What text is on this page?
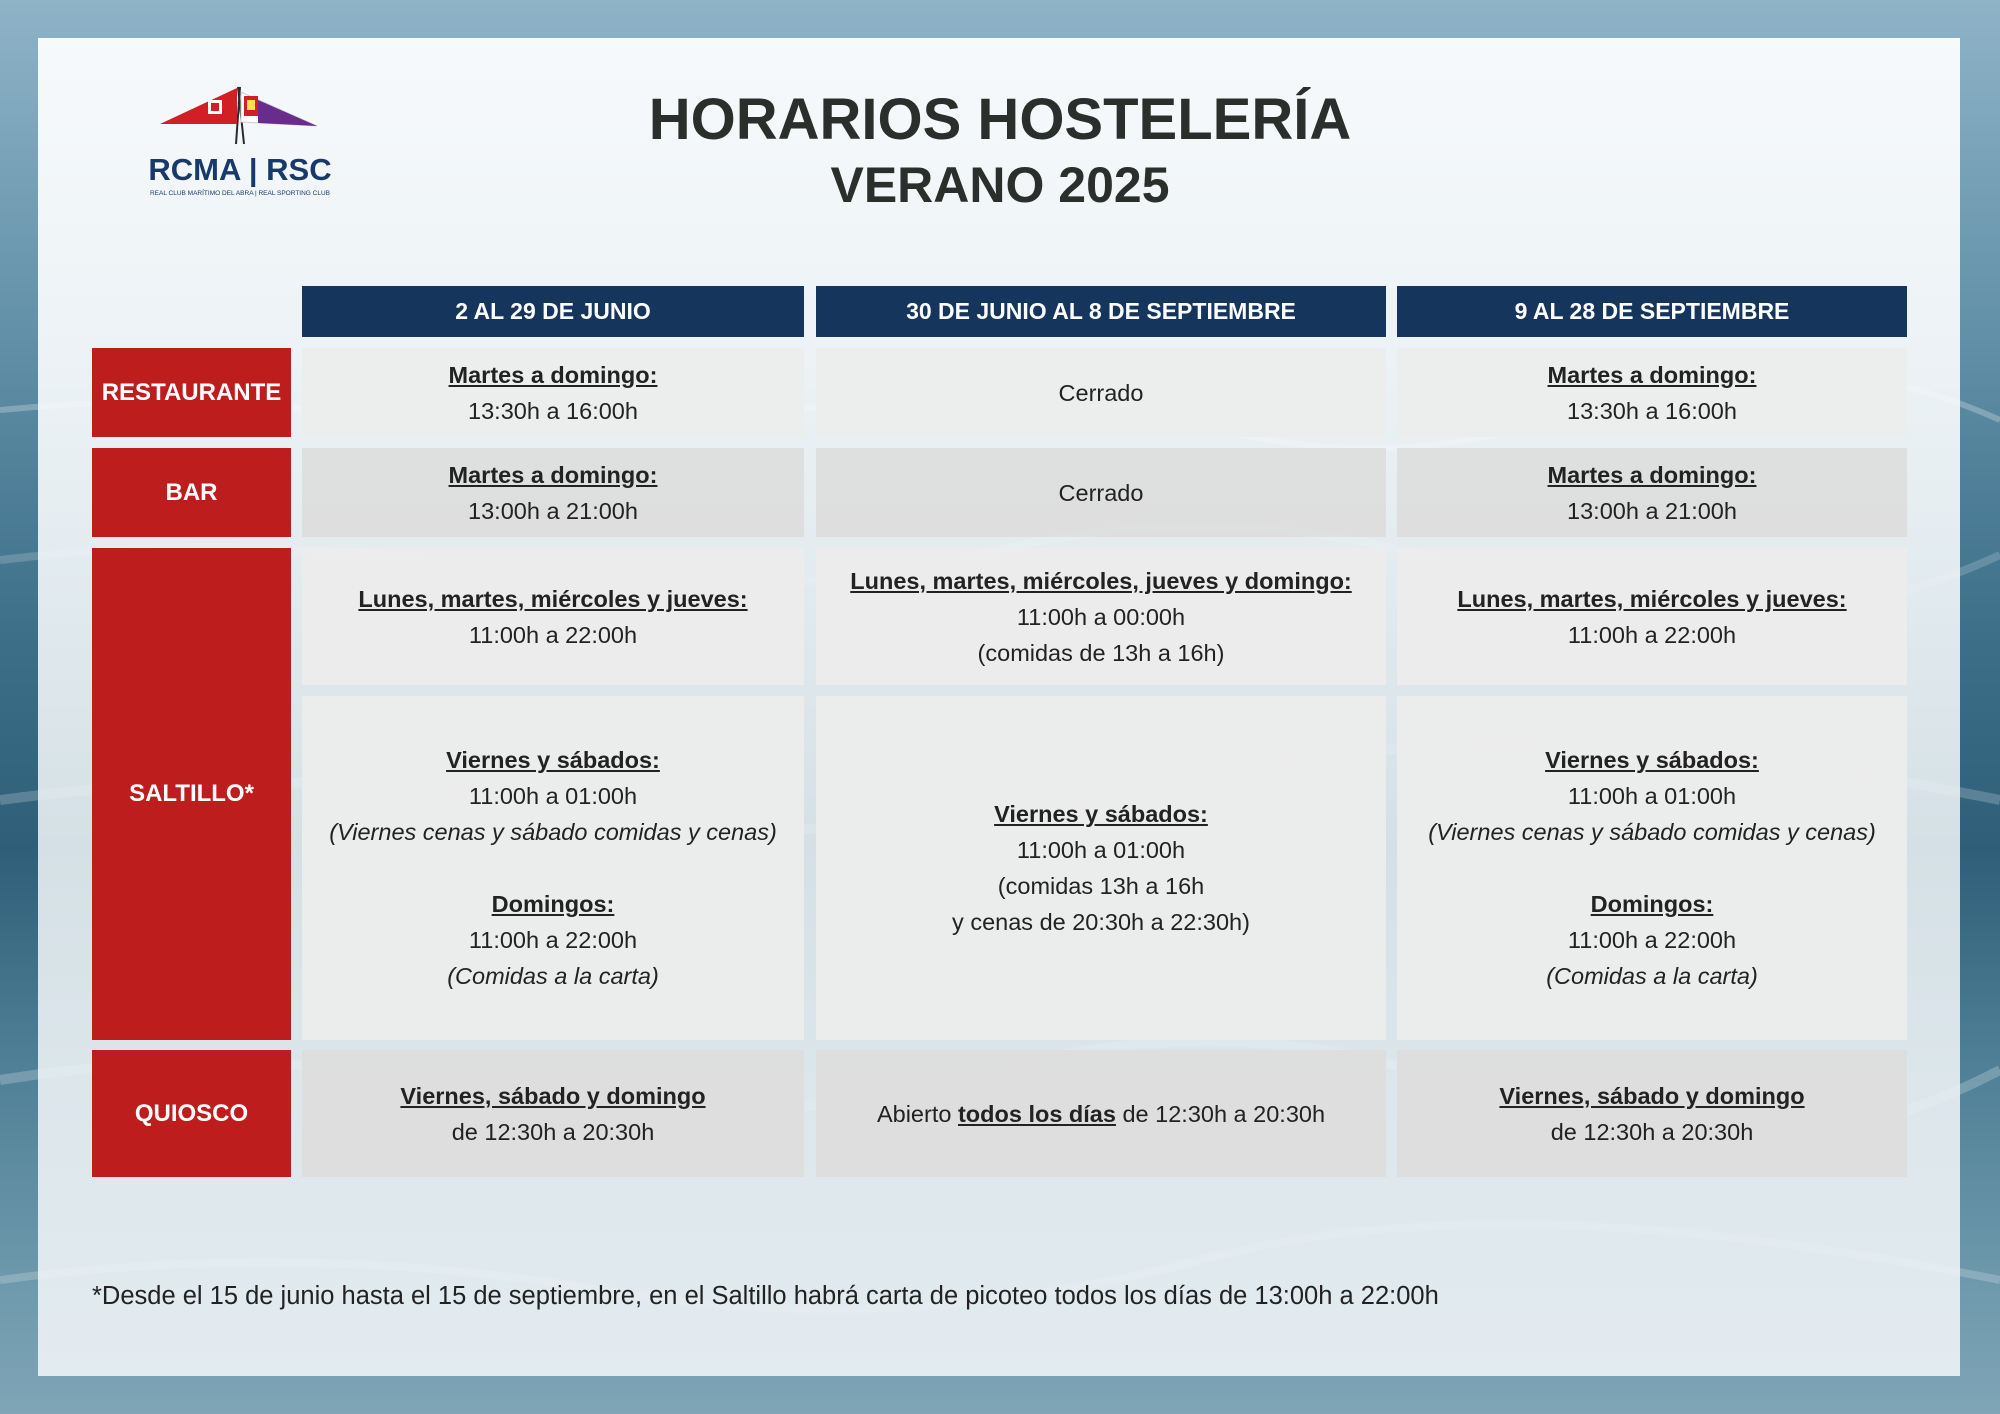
RCMA | RSC
REAL CLUB MARÍTIMO DEL ABRA | REAL SPORTING CLUB
HORARIOS HOSTELERÍA
VERANO 2025
2 AL 29 DE JUNIO	30 DE JUNIO AL 8 DE SEPTIEMBRE	9 AL 28 DE SEPTIEMBRE
RESTAURANTE
BAR
SALTILLO*
QUIOSCO
Martes a domingo:
13:30h a 16:00h
Cerrado
Martes a domingo:
13:30h a 16:00h
Martes a domingo:
13:00h a 21:00h
Cerrado
Martes a domingo:
13:00h a 21:00h
Lunes, martes, miércoles y jueves:
11:00h a 22:00h
Lunes, martes, miércoles, jueves y domingo:
11:00h a 00:00h
(comidas de 13h a 16h)
Lunes, martes, miércoles y jueves:
11:00h a 22:00h
Viernes y sábados:
11:00h a 01:00h
(Viernes cenas y sábado comidas y cenas)
Domingos:
11:00h a 22:00h
(Comidas a la carta)
Viernes y sábados:
11:00h a 01:00h
(comidas 13h a 16h
y cenas de 20:30h a 22:30h)
Viernes y sábados:
11:00h a 01:00h
(Viernes cenas y sábado comidas y cenas)
Domingos:
11:00h a 22:00h
(Comidas a la carta)
Viernes, sábado y domingo
de 12:30h a 20:30h
Abierto todos los días de 12:30h a 20:30h
Viernes, sábado y domingo
de 12:30h a 20:30h
*Desde el 15 de junio hasta el 15 de septiembre, en el Saltillo habrá carta de picoteo todos los días de 13:00h a 22:00h
